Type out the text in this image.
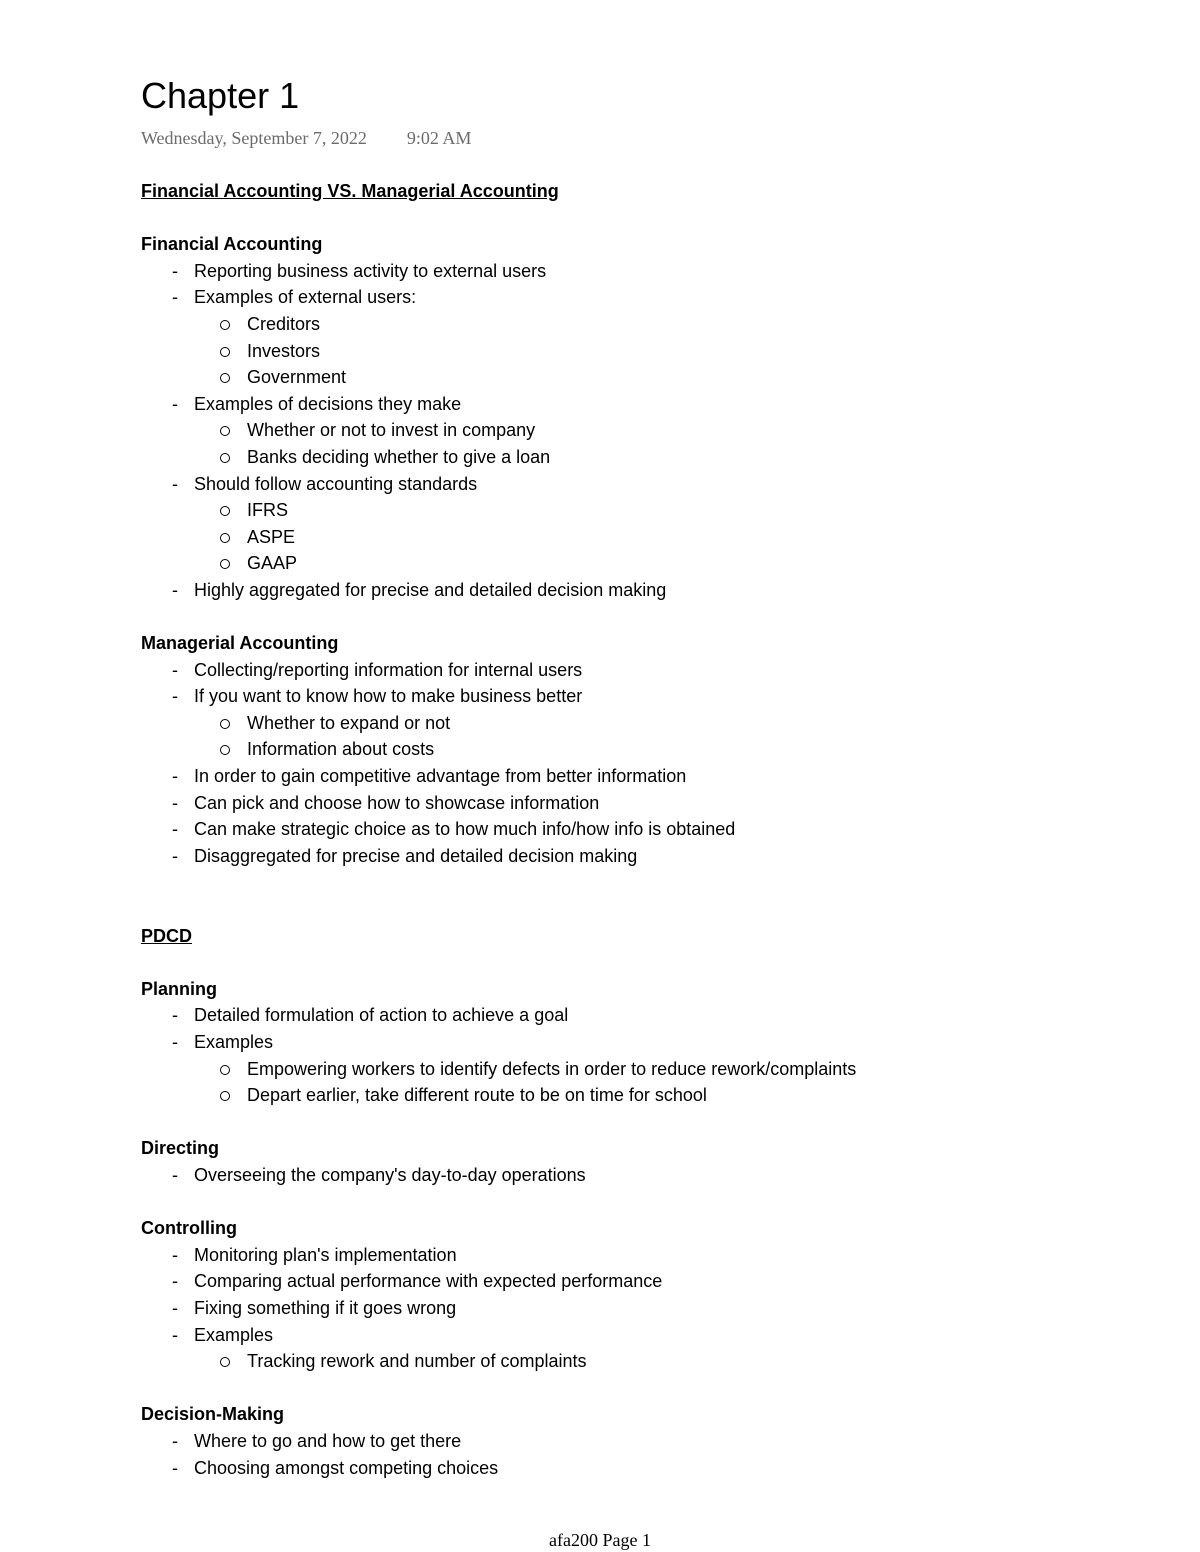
Chapter 1
Wednesday, September 7, 2022 9:02 AM
Financial Accounting VS. Managerial Accounting
Financial Accounting
- Reporting business activity to external users
- Examples of external users:
Creditors
Investors
Government
- Examples of decisions they make
Whether or not to invest in company
Banks deciding whether to give a loan
- Should follow accounting standards
IFRS
ASPE
GAAP
- Highly aggregated for precise and detailed decision making
Managerial Accounting
- Collecting/reporting information for internal users
- If you want to know how to make business better
Whether to expand or not
Information about costs
- In order to gain competitive advantage from better information
- Can pick and choose how to showcase information
- Can make strategic choice as to how much info/how info is obtained
- Disaggregated for precise and detailed decision making
PDCD
Planning
- Detailed formulation of action to achieve a goal
- Examples
Empowering workers to identify defects in order to reduce rework/complaints
Depart earlier, take different route to be on time for school
Directing
- Overseeing the company's day-to-day operations
Controlling
- Monitoring plan's implementation
- Comparing actual performance with expected performance
- Fixing something if it goes wrong
- Examples
Tracking rework and number of complaints
Decision-Making
- Where to go and how to get there
- Choosing amongst competing choices
afa200 Page 1
